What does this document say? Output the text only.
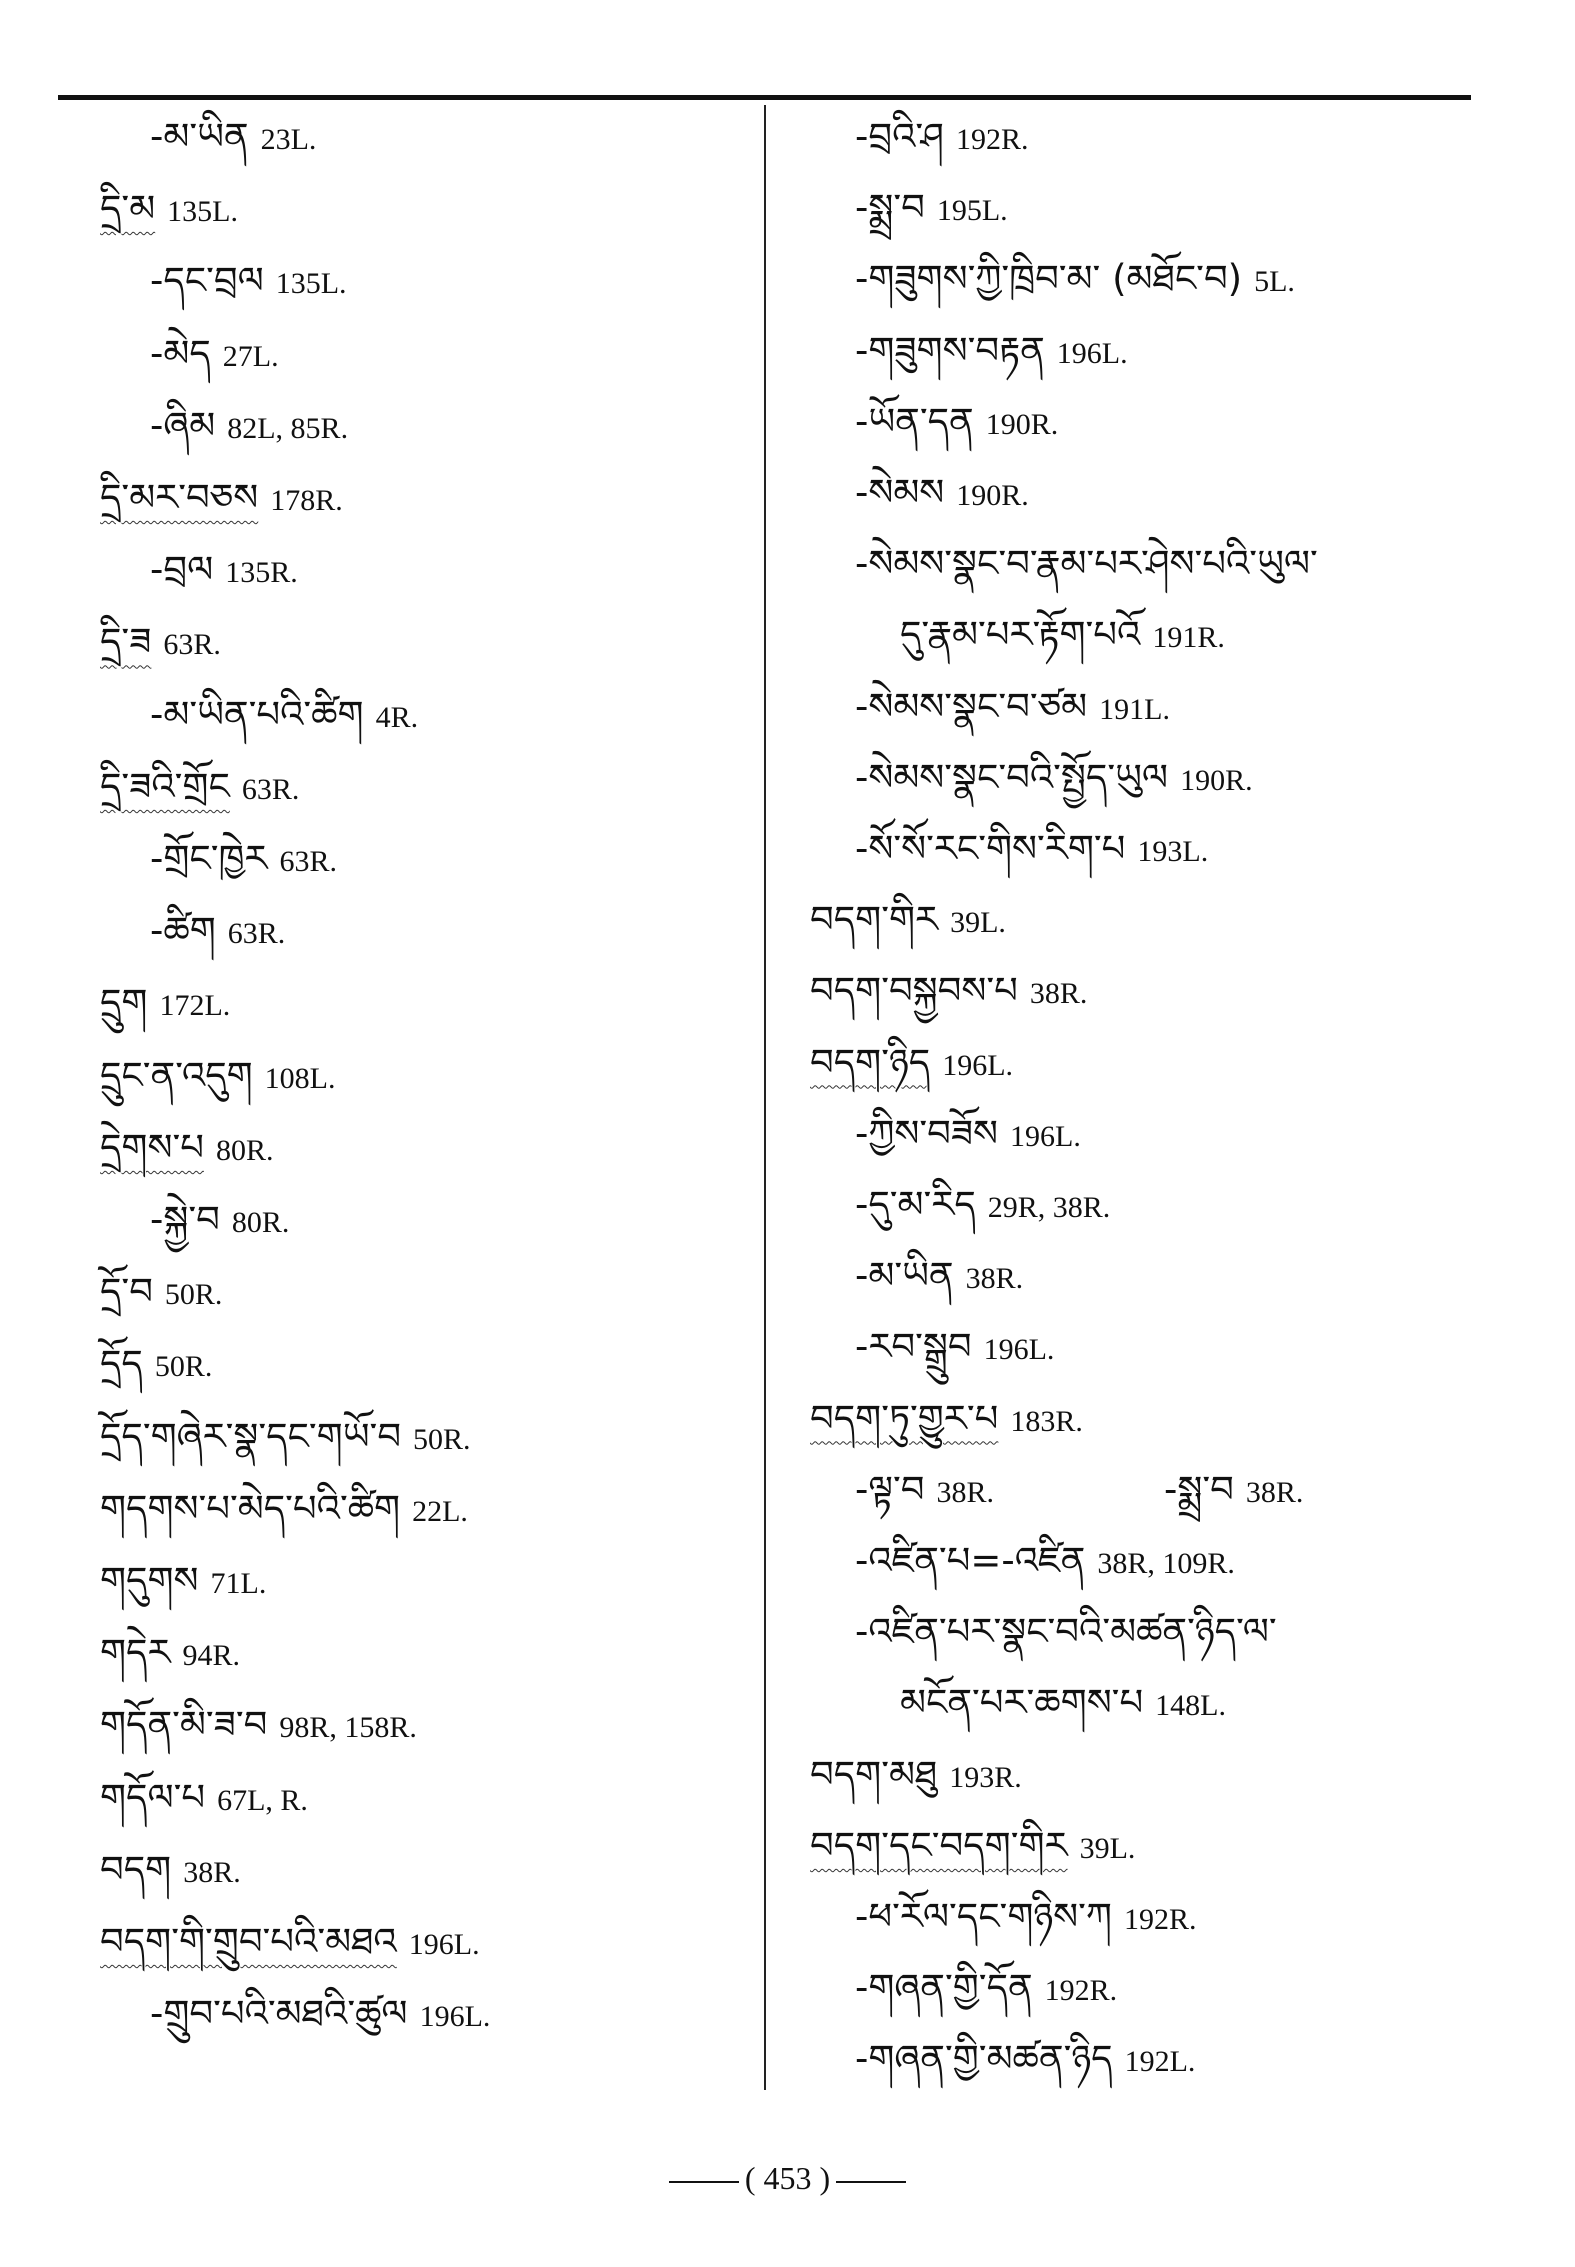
-མ་ཡིན 23L.
དྲི་མ 135L.
-དང་བྲལ 135L.
-མེད 27L.
-ཞིམ 82L, 85R.
དྲི་མར་བཅས 178R.
-བྲལ 135R.
དྲི་ཟ 63R.
-མ་ཡིན་པའི་ཚིག 4R.
དྲི་ཟའི་གྲོང 63R.
-གྲོང་ཁྱེར 63R.
-ཚིག 63R.
དྲུག 172L.
དྲུང་ན་འདུག 108L.
དྲེགས་པ 80R.
-སྐྱེ་བ 80R.
དྲོ་བ 50R.
དྲོད 50R.
དྲོད་གཞེར་སྣ་དང་གཡོ་བ 50R.
གདགས་པ་མེད་པའི་ཚིག 22L.
གདུགས 71L.
གདེར 94R.
གདོན་མི་ཟ་བ 98R, 158R.
གདོལ་པ 67L, R.
བདག 38R.
བདག་གི་གྲུབ་པའི་མཐའ 196L.
-གྲུབ་པའི་མཐའི་ཚུལ 196L.
-བྲའི་ཤ 192R.
-སྨྲ་བ 195L.
-གཟུགས་ཀྱི་ཁྲིབ་མ་ (མཐོང་བ) 5L.
-གཟུགས་བརྟན 196L.
-ཡོན་དན 190R.
-སེམས 190R.
-སེམས་སྣང་བ་རྣམ་པར་ཤེས་པའི་ཡུལ་
དུ་རྣམ་པར་རྟོག་པའོ 191R.
-སེམས་སྣང་བ་ཙམ 191L.
-སེམས་སྣང་བའི་སྤྱོད་ཡུལ 190R.
-སོ་སོ་རང་གིས་རིག་པ 193L.
བདག་གིར 39L.
བདག་བསྐྱབས་པ 38R.
བདག་ཉིད 196L.
-ཀྱིས་བཟོས 196L.
-དུ་མ་རིད 29R, 38R.
-མ་ཡིན 38R.
-རབ་སྒྲུབ 196L.
བདག་ཏུ་གྱུར་པ 183R.
-ལྟ་བ 38R.	-སྨྲ་བ 38R.
-འཛིན་པ=-འཛིན 38R, 109R.
-འཛིན་པར་སྣང་བའི་མཚན་ཉིད་ལ་
མངོན་པར་ཆགས་པ 148L.
བདག་མཐུ 193R.
བདག་དང་བདག་གིར 39L.
-ཕ་རོལ་དང་གཉིས་ཀ 192R.
-གཞན་གྱི་དོན 192R.
-གཞན་གྱི་མཚན་ཉིད 192L.
( 453 )
